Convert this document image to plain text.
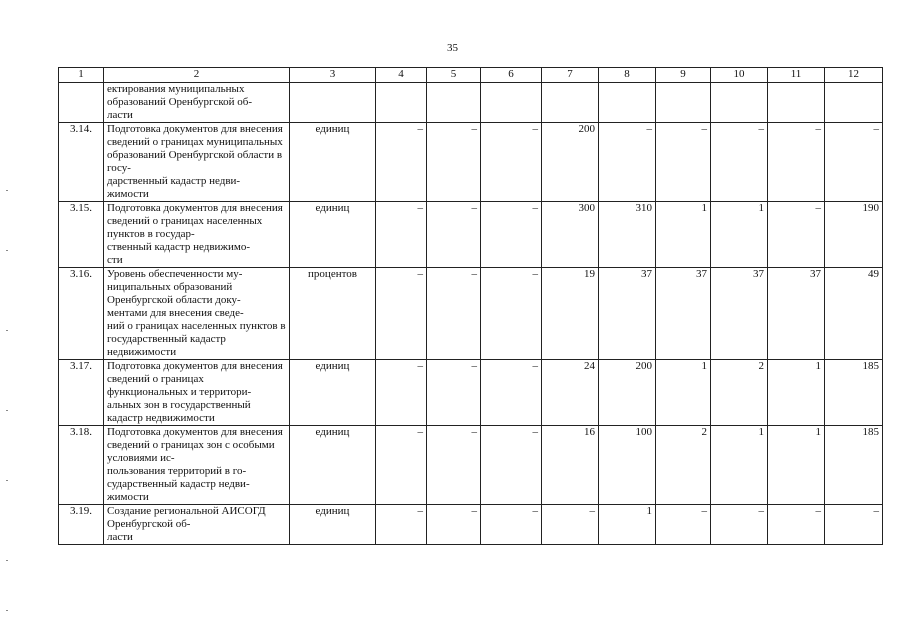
35
1	2	3	4	5	6	7	8	9	10	11	12
	ектирования муниципальных образований Оренбургской об-
ласти										
3.14.	Подготовка документов для внесения сведений о границах муниципальных образований Оренбургской области в госу-
дарственный кадастр недви-
жимости	единиц	–	–	–	200	–	–	–	–	–
3.15.	Подготовка документов для внесения сведений о границах населенных пунктов в государ-
ственный кадастр недвижимо-
сти	единиц	–	–	–	300	310	1	1	–	190
3.16.	Уровень обеспеченности му-
ниципальных образований Оренбургской области доку-
ментами для внесения сведе-
ний о границах населенных пунктов в государственный кадастр недвижимости	процентов	–	–	–	19	37	37	37	37	49
3.17.	Подготовка документов для внесения сведений о границах функциональных и территори-
альных зон в государственный кадастр недвижимости	единиц	–	–	–	24	200	1	2	1	185
3.18.	Подготовка документов для внесения сведений о границах зон с особыми условиями ис-
пользования территорий в го-
сударственный кадастр недви-
жимости	единиц	–	–	–	16	100	2	1	1	185
3.19.	Создание региональной АИСОГД Оренбургской об-
ласти	единиц	–	–	–	–	1	–	–	–	–
